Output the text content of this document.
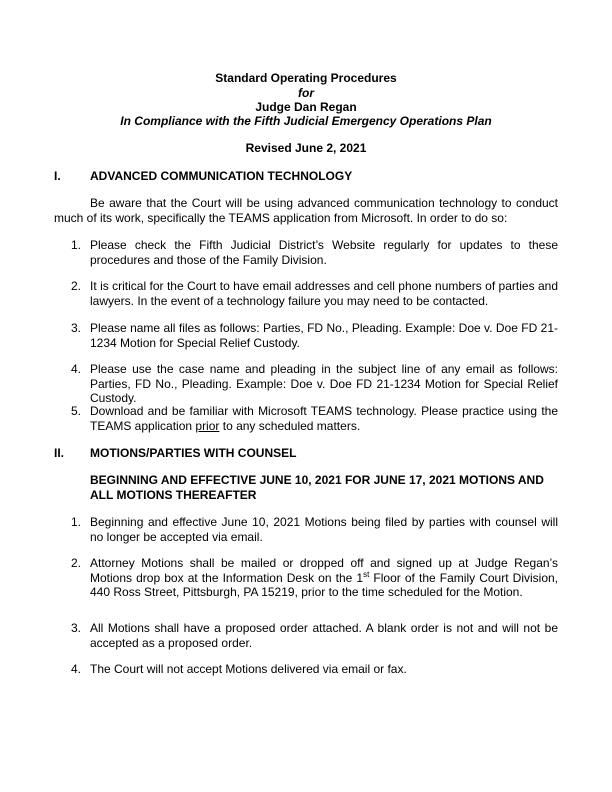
Standard Operating Procedures
for
Judge Dan Regan
In Compliance with the Fifth Judicial Emergency Operations Plan
Revised June 2, 2021
I. ADVANCED COMMUNICATION TECHNOLOGY
Be aware that the Court will be using advanced communication technology to conduct much of its work, specifically the TEAMS application from Microsoft. In order to do so:
1. Please check the Fifth Judicial District’s Website regularly for updates to these procedures and those of the Family Division.
2. It is critical for the Court to have email addresses and cell phone numbers of parties and lawyers. In the event of a technology failure you may need to be contacted.
3. Please name all files as follows: Parties, FD No., Pleading. Example: Doe v. Doe FD 21-1234 Motion for Special Relief Custody.
4. Please use the case name and pleading in the subject line of any email as follows: Parties, FD No., Pleading. Example: Doe v. Doe FD 21-1234 Motion for Special Relief Custody.
5. Download and be familiar with Microsoft TEAMS technology. Please practice using the TEAMS application prior to any scheduled matters.
II. MOTIONS/PARTIES WITH COUNSEL
BEGINNING AND EFFECTIVE JUNE 10, 2021 FOR JUNE 17, 2021 MOTIONS AND ALL MOTIONS THEREAFTER
1. Beginning and effective June 10, 2021 Motions being filed by parties with counsel will no longer be accepted via email.
2. Attorney Motions shall be mailed or dropped off and signed up at Judge Regan’s Motions drop box at the Information Desk on the 1st Floor of the Family Court Division, 440 Ross Street, Pittsburgh, PA 15219, prior to the time scheduled for the Motion.
3. All Motions shall have a proposed order attached. A blank order is not and will not be accepted as a proposed order.
4. The Court will not accept Motions delivered via email or fax.
